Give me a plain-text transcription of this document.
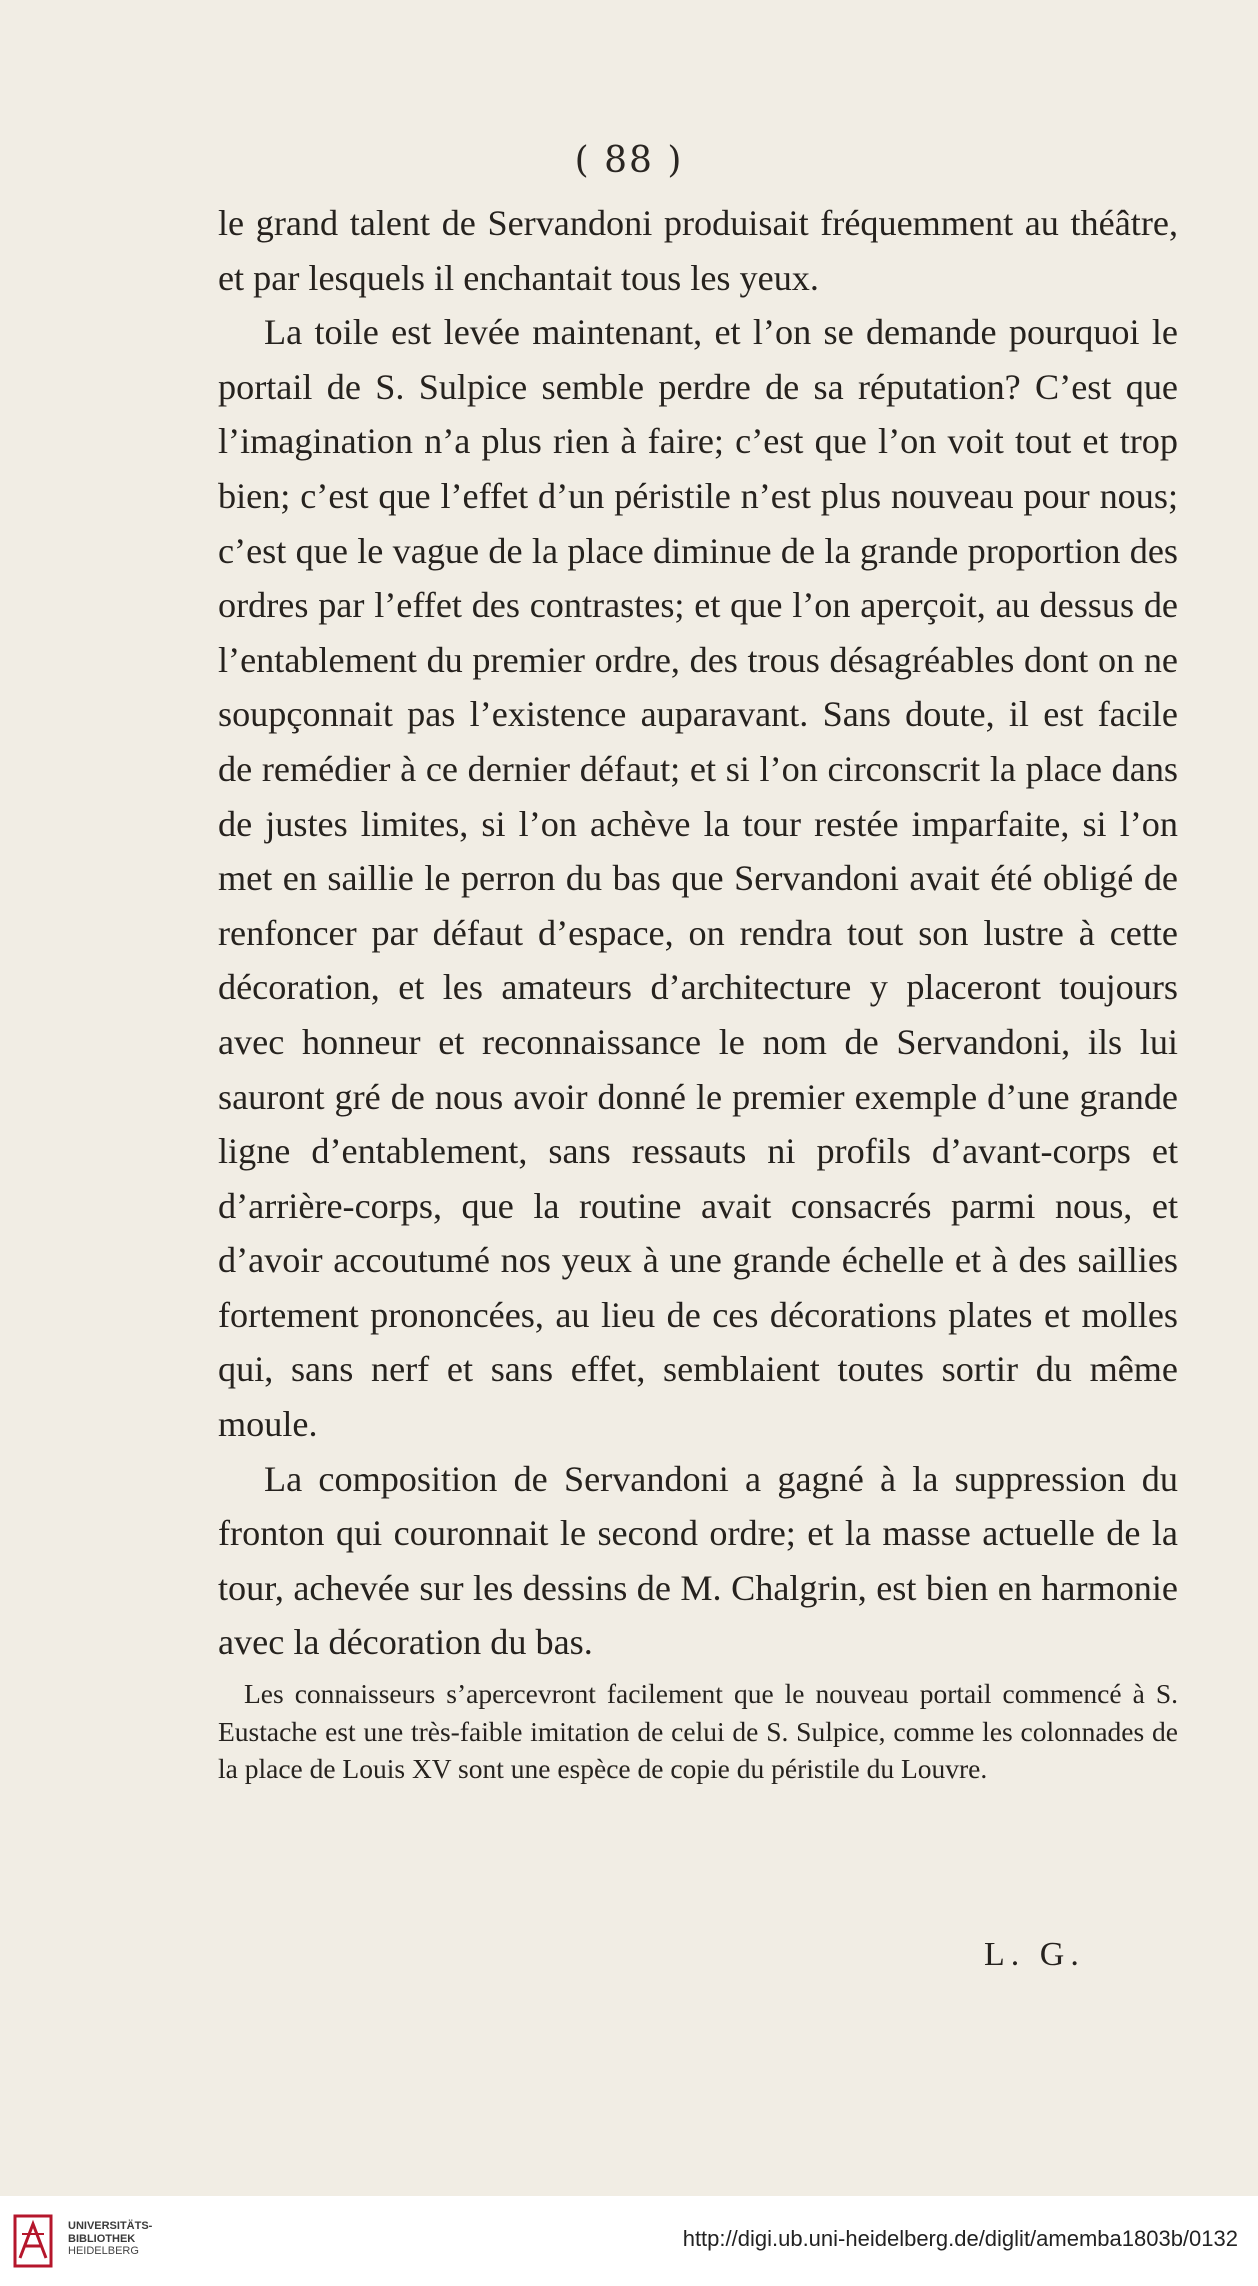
( 88 )

le grand talent de Servandoni produisait fréquemment au théâtre, et par lesquels il enchantait tous les yeux.

La toile est levée maintenant, et l’on se demande pourquoi le portail de S. Sulpice semble perdre de sa réputation? C’est que l’imagination n’a plus rien à faire; c’est que l’on voit tout et trop bien; c’est que l’effet d’un péristile n’est plus nouveau pour nous; c’est que le vague de la place diminue de la grande proportion des ordres par l’effet des contrastes; et que l’on aperçoit, au dessus de l’entablement du premier ordre, des trous désagréables dont on ne soupçonnait pas l’existence auparavant. Sans doute, il est facile de remédier à ce dernier défaut; et si l’on circonscrit la place dans de justes limites, si l’on achève la tour restée imparfaite, si l’on met en saillie le perron du bas que Servandoni avait été obligé de renfoncer par défaut d’espace, on rendra tout son lustre à cette décoration, et les amateurs d’architecture y placeront toujours avec honneur et reconnaissance le nom de Servandoni, ils lui sauront gré de nous avoir donné le premier exemple d’une grande ligne d’entablement, sans ressauts ni profils d’avant-corps et d’arrière-corps, que la routine avait consacrés parmi nous, et d’avoir accoutumé nos yeux à une grande échelle et à des saillies fortement prononcées, au lieu de ces décorations plates et molles qui, sans nerf et sans effet, semblaient toutes sortir du même moule.

La composition de Servandoni a gagné à la suppression du fronton qui couronnait le second ordre; et la masse actuelle de la tour, achevée sur les dessins de M. Chalgrin, est bien en harmonie avec la décoration du bas.

Les connaisseurs s’apercevront facilement que le nouveau portail commencé à S. Eustache est une très-faible imitation de celui de S. Sulpice, comme les colonnades de la place de Louis XV sont une espèce de copie du péristile du Louvre.

L. G.
UNIVERSITÄTS-
BIBLIOTHEK
HEIDELBERG	http://digi.ub.uni-heidelberg.de/diglit/amemba1803b/0132
